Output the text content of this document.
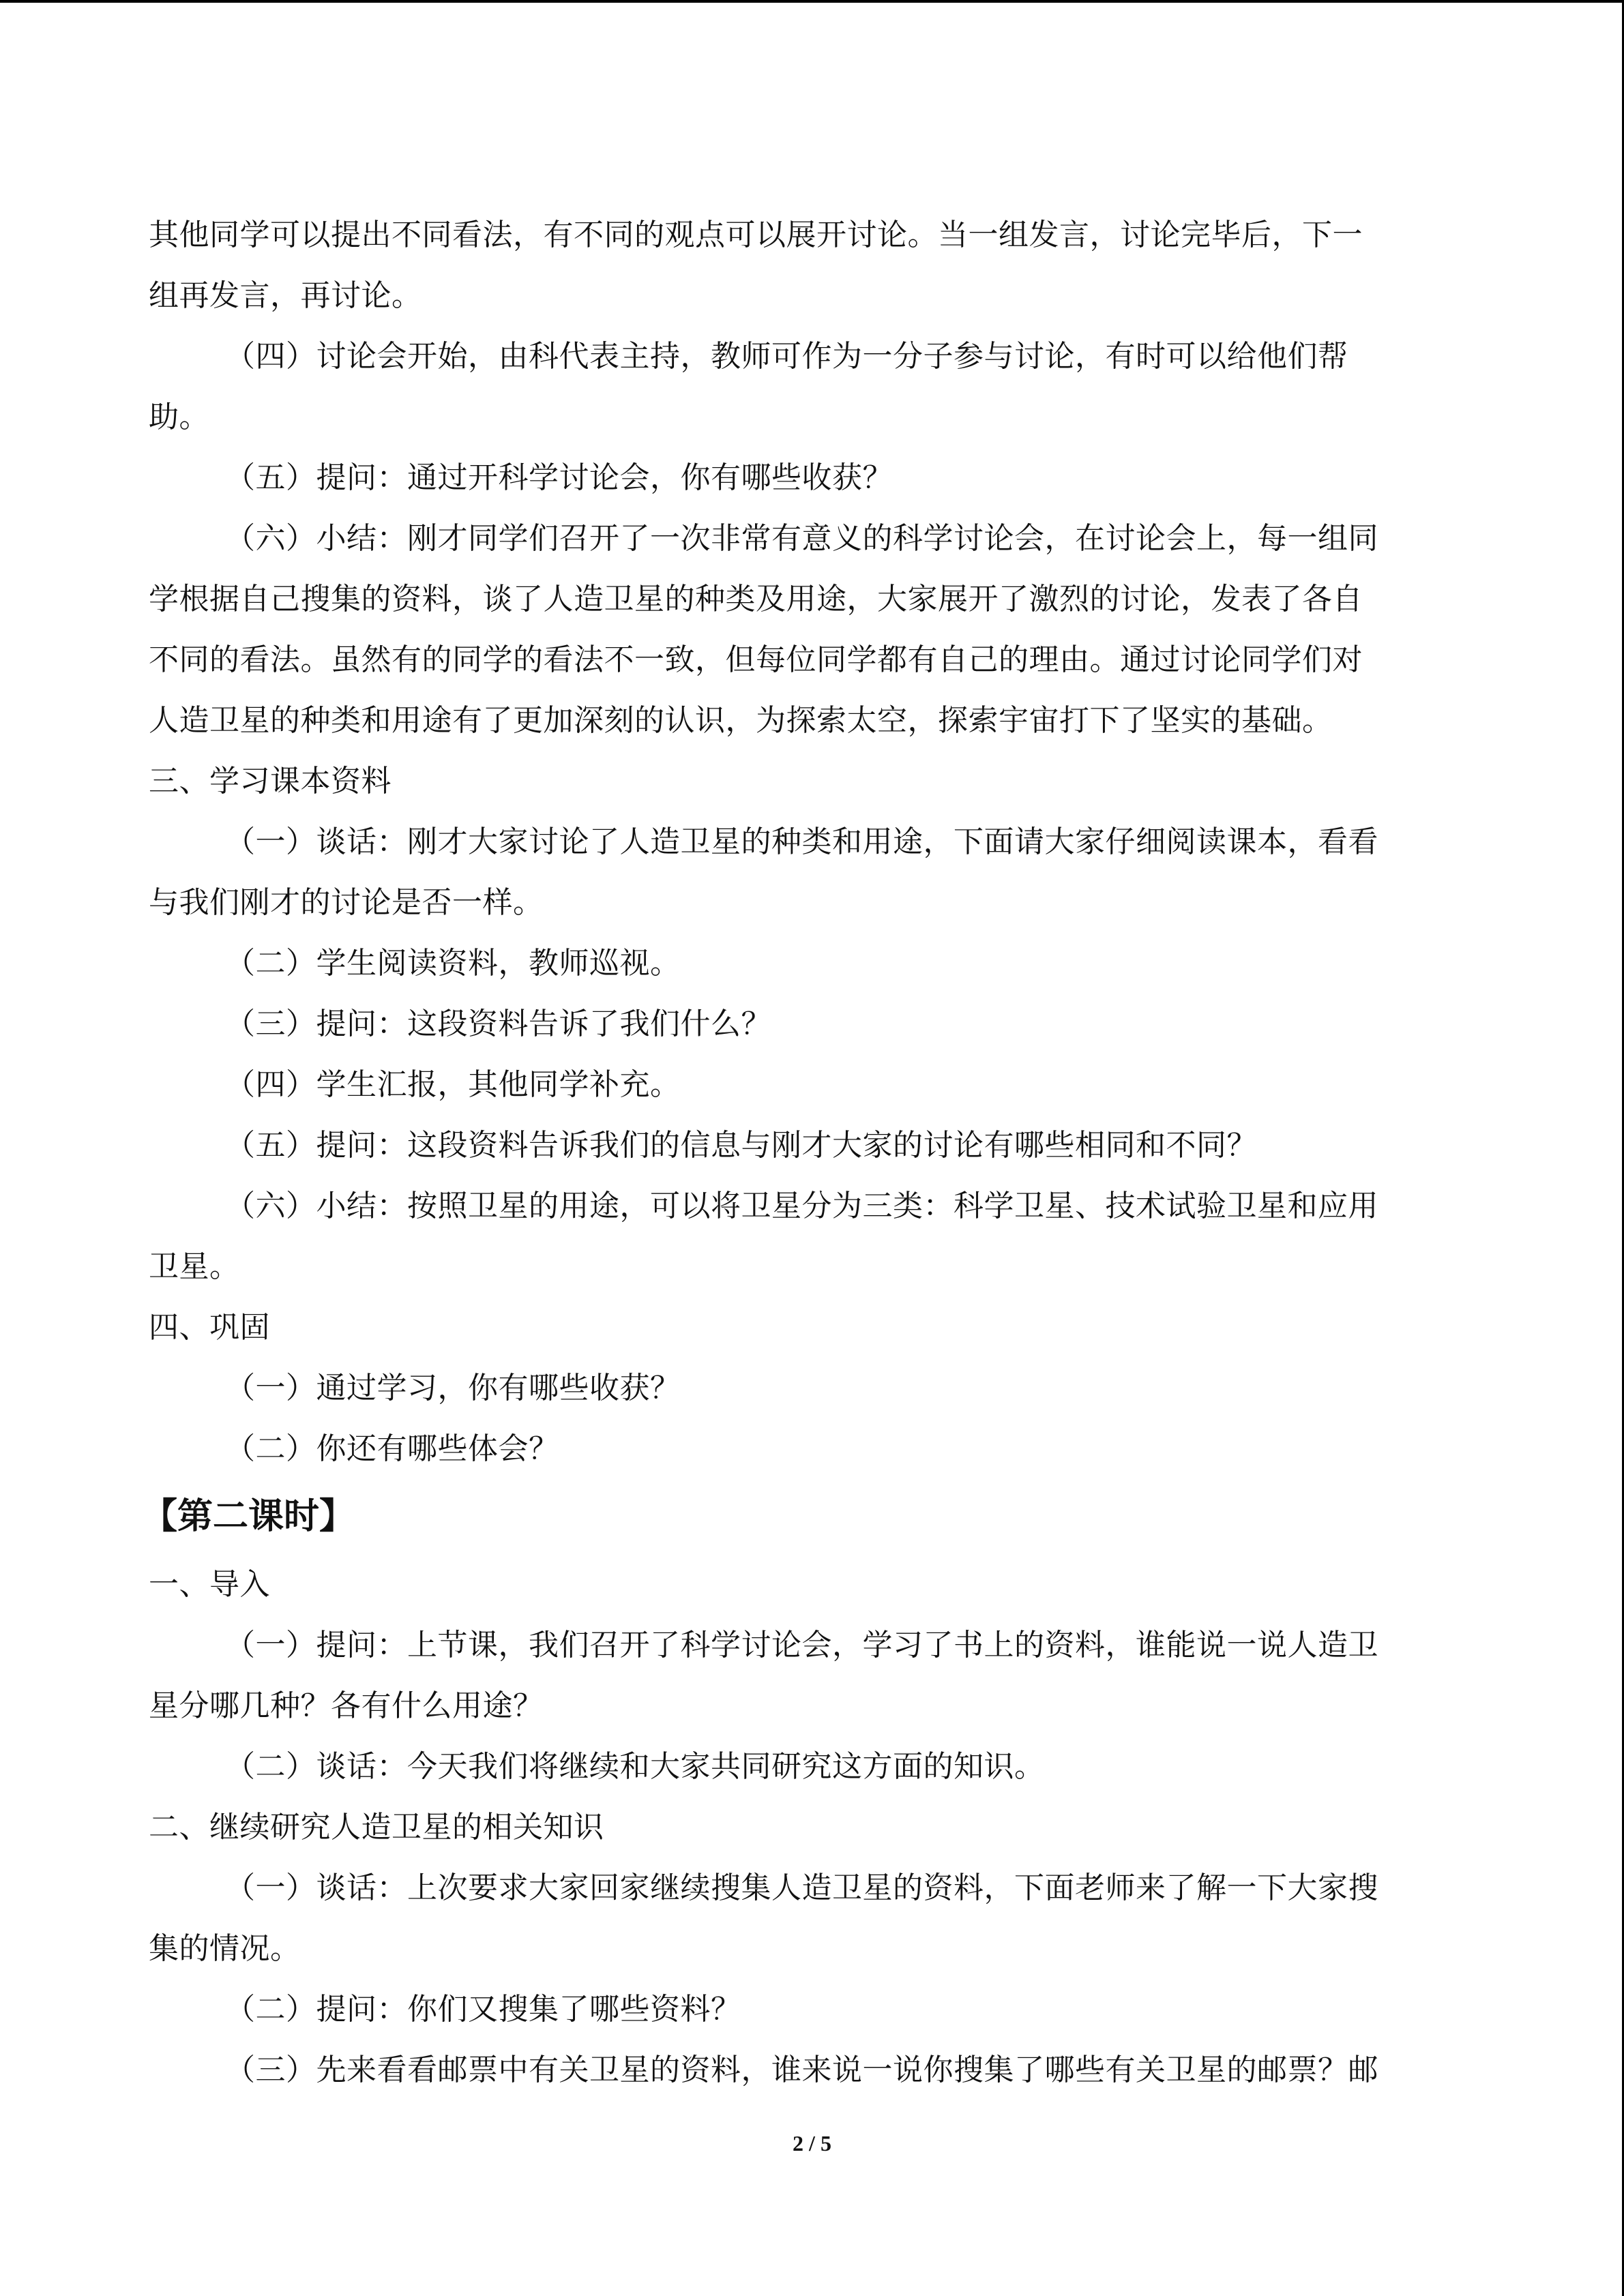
其他同学可以提出不同看法，有不同的观点可以展开讨论。当一组发言，讨论完毕后，下一
组再发言，再讨论。
（四）讨论会开始，由科代表主持，教师可作为一分子参与讨论，有时可以给他们帮
助。
（五）提问：通过开科学讨论会，你有哪些收获？
（六）小结：刚才同学们召开了一次非常有意义的科学讨论会，在讨论会上，每一组同
学根据自己搜集的资料，谈了人造卫星的种类及用途，大家展开了激烈的讨论，发表了各自
不同的看法。虽然有的同学的看法不一致，但每位同学都有自己的理由。通过讨论同学们对
人造卫星的种类和用途有了更加深刻的认识，为探索太空，探索宇宙打下了坚实的基础。
三、学习课本资料
（一）谈话：刚才大家讨论了人造卫星的种类和用途，下面请大家仔细阅读课本，看看
与我们刚才的讨论是否一样。
（二）学生阅读资料，教师巡视。
（三）提问：这段资料告诉了我们什么？
（四）学生汇报，其他同学补充。
（五）提问：这段资料告诉我们的信息与刚才大家的讨论有哪些相同和不同？
（六）小结：按照卫星的用途，可以将卫星分为三类：科学卫星、技术试验卫星和应用
卫星。
四、巩固
（一）通过学习，你有哪些收获？
（二）你还有哪些体会？
【第二课时】
一、导入
（一）提问：上节课，我们召开了科学讨论会，学习了书上的资料，谁能说一说人造卫
星分哪几种？各有什么用途？
（二）谈话：今天我们将继续和大家共同研究这方面的知识。
二、继续研究人造卫星的相关知识
（一）谈话：上次要求大家回家继续搜集人造卫星的资料，下面老师来了解一下大家搜
集的情况。
（二）提问：你们又搜集了哪些资料？
（三）先来看看邮票中有关卫星的资料，谁来说一说你搜集了哪些有关卫星的邮票？邮
2 / 5
